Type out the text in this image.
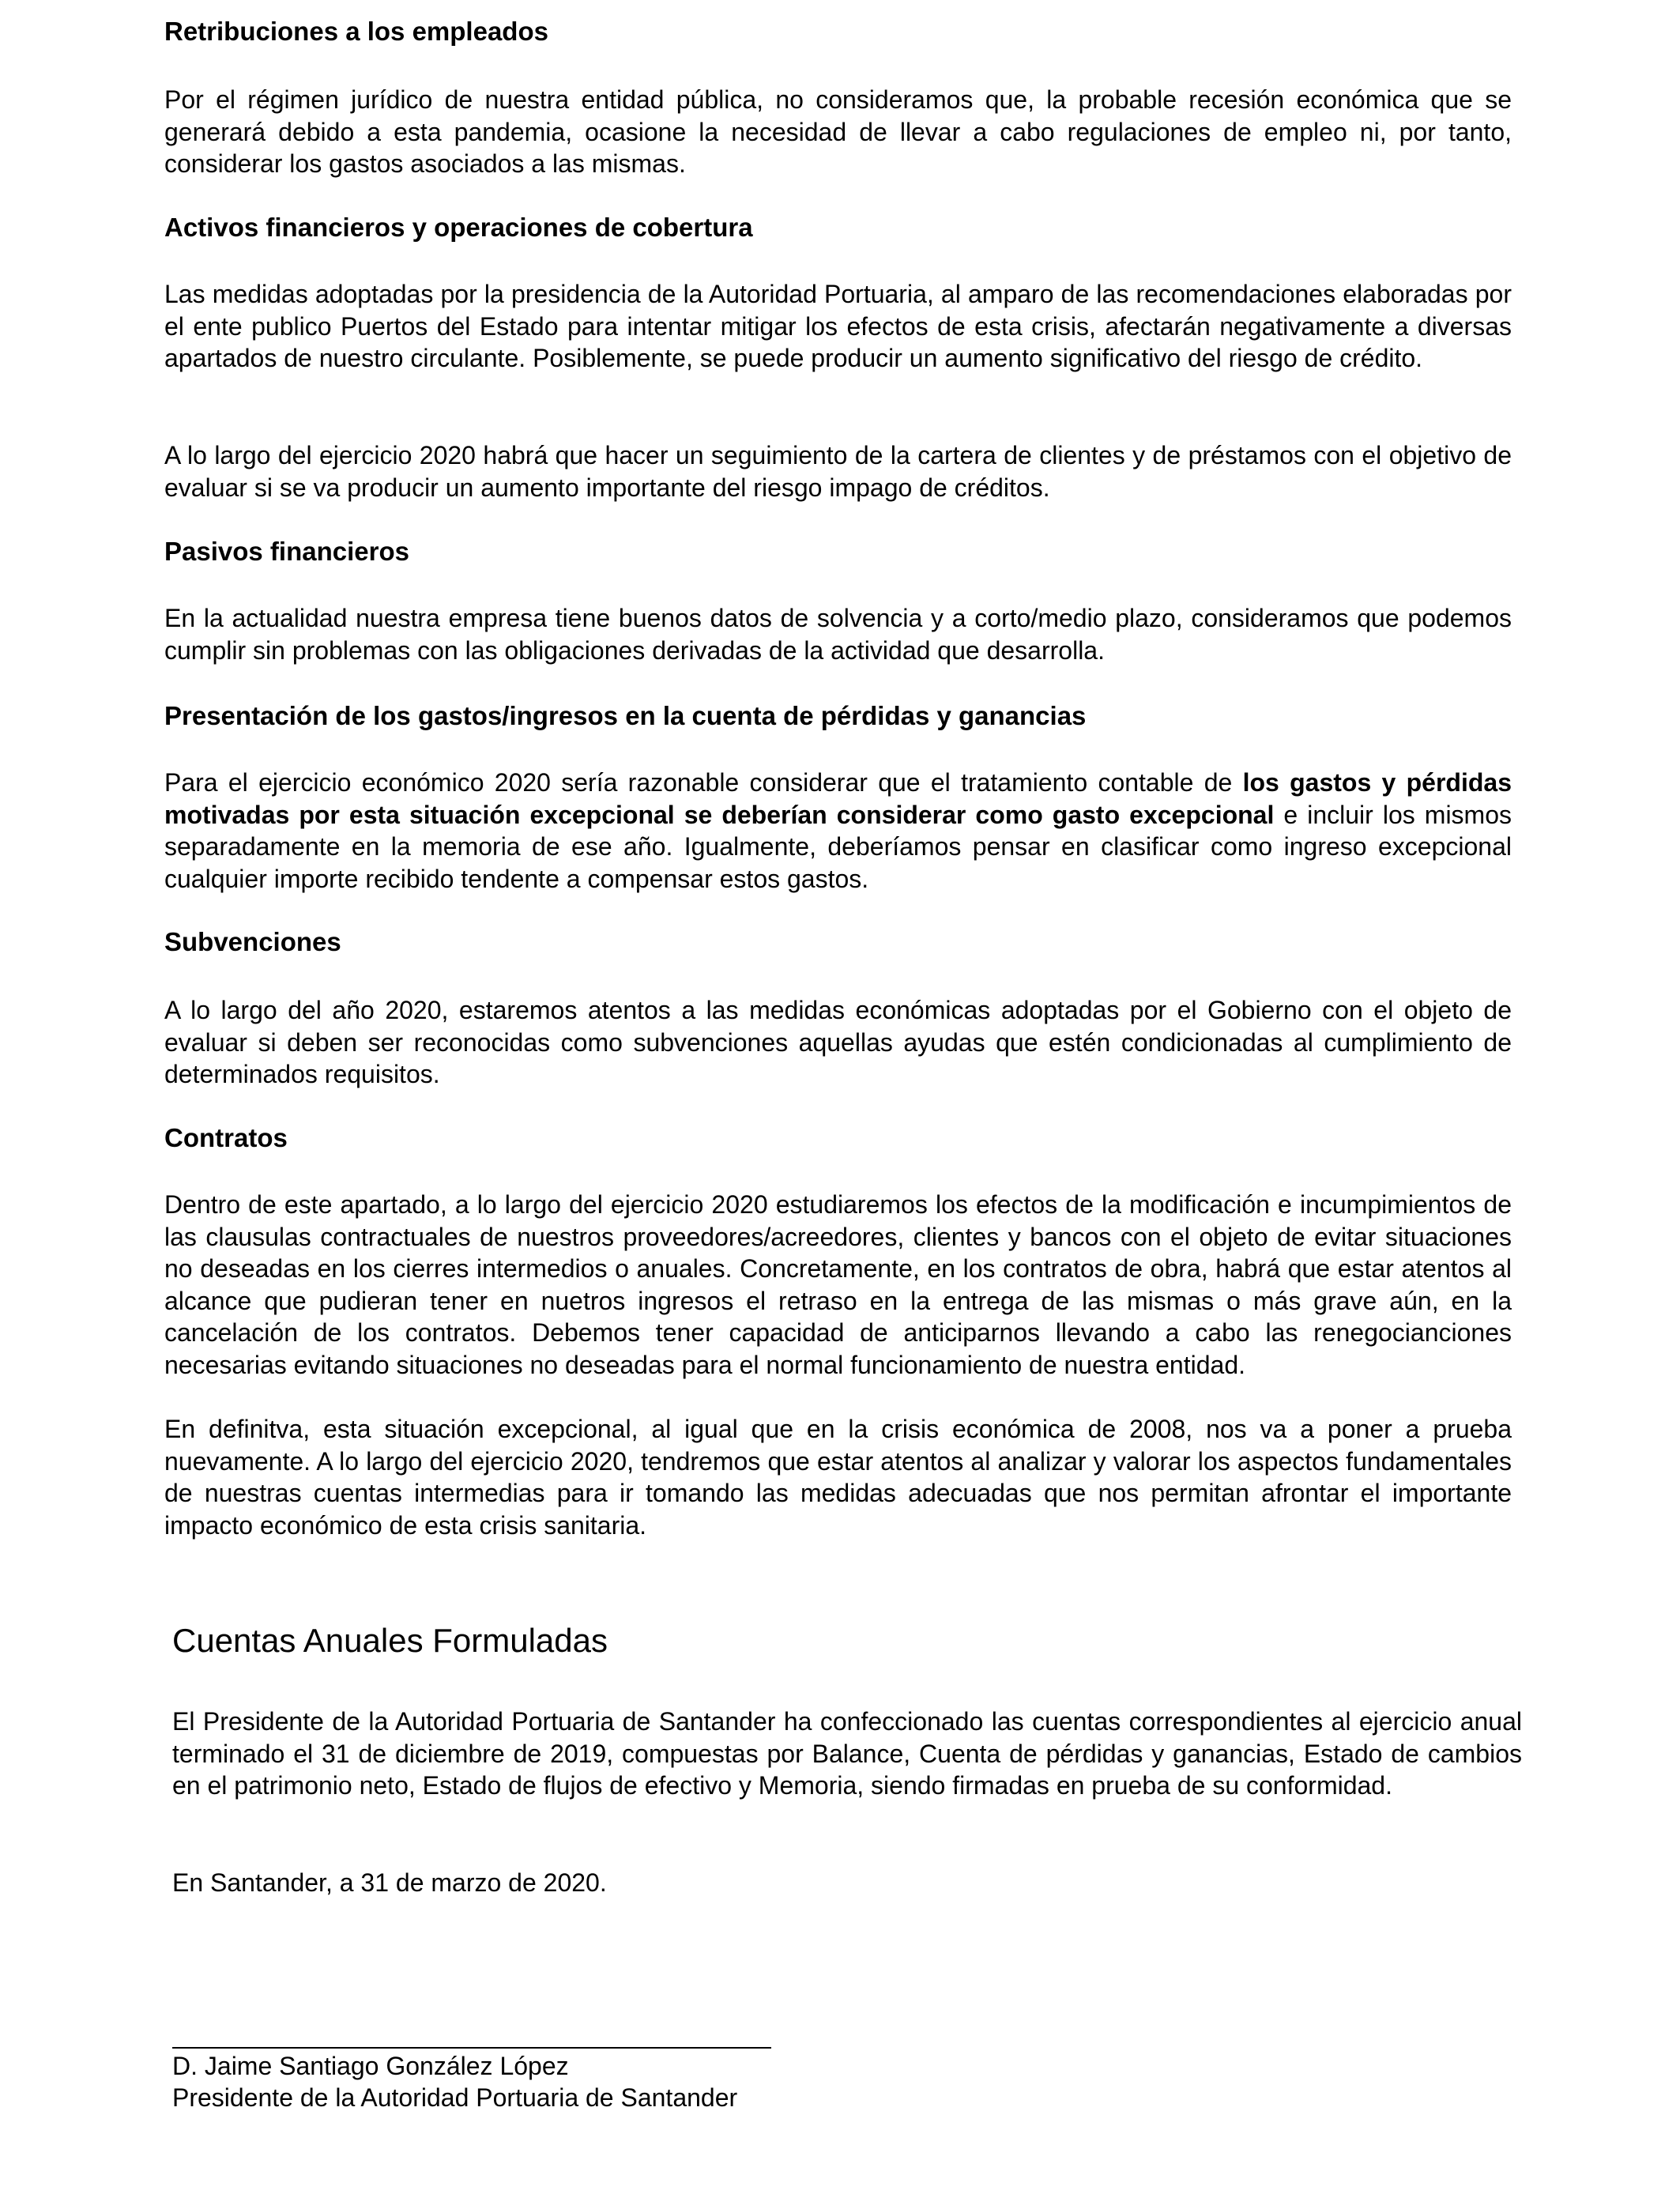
Retribuciones a los empleados

Por el régimen jurídico de nuestra entidad pública, no consideramos que, la probable recesión económica que se generará debido a esta pandemia, ocasione la necesidad de llevar a cabo regulaciones de empleo ni, por tanto, considerar los gastos asociados a las mismas.

Activos financieros y operaciones de cobertura

Las medidas adoptadas por la presidencia de la Autoridad Portuaria, al amparo de las recomendaciones elaboradas por el ente publico Puertos del Estado para intentar mitigar los efectos de esta crisis, afectarán negativamente a diversas apartados de nuestro circulante. Posiblemente, se puede producir un aumento significativo del riesgo de crédito.

A lo largo del ejercicio 2020 habrá que hacer un seguimiento de la cartera de clientes y de préstamos con el objetivo de evaluar si se va producir un aumento importante del riesgo impago de créditos.

Pasivos financieros

En la actualidad nuestra empresa tiene buenos datos de solvencia y a corto/medio plazo, consideramos que podemos cumplir sin problemas con las obligaciones derivadas de la actividad que desarrolla.

Presentación de los gastos/ingresos en la cuenta de pérdidas y ganancias

Para el ejercicio económico 2020 sería razonable considerar que el tratamiento contable de los gastos y pérdidas motivadas por esta situación excepcional se deberían considerar como gasto excepcional e incluir los mismos separadamente en la memoria de ese año. Igualmente, deberíamos pensar en clasificar como ingreso excepcional cualquier importe recibido tendente a compensar estos gastos.

Subvenciones

A lo largo del año 2020, estaremos atentos a las medidas económicas adoptadas por el Gobierno con el objeto de evaluar si deben ser reconocidas como subvenciones aquellas ayudas que estén condicionadas al cumplimiento de determinados requisitos.

Contratos

Dentro de este apartado, a lo largo del ejercicio 2020 estudiaremos los efectos de la modificación e incumpimientos de las clausulas contractuales de nuestros proveedores/acreedores, clientes y bancos con el objeto de evitar situaciones no deseadas en los cierres intermedios o anuales. Concretamente, en los contratos de obra, habrá que estar atentos al alcance que pudieran tener en nuetros ingresos el retraso en la entrega de las mismas o más grave aún, en la cancelación de los contratos. Debemos tener capacidad de anticiparnos llevando a cabo las renegocianciones necesarias evitando situaciones no deseadas para el normal funcionamiento de nuestra entidad.

En definitva, esta situación excepcional, al igual que en la crisis económica de 2008, nos va a poner a prueba nuevamente. A lo largo del ejercicio 2020, tendremos que estar atentos al analizar y valorar los aspectos fundamentales de nuestras cuentas intermedias para ir tomando las medidas adecuadas que nos permitan afrontar el importante impacto económico de esta crisis sanitaria.

Cuentas Anuales Formuladas

El Presidente de la Autoridad Portuaria de Santander ha confeccionado las cuentas correspondientes al ejercicio anual terminado el 31 de diciembre de 2019, compuestas por Balance, Cuenta de pérdidas y ganancias, Estado de cambios en el patrimonio neto, Estado de flujos de efectivo y Memoria, siendo firmadas en prueba de su conformidad.

En Santander, a 31 de marzo de 2020.

D. Jaime Santiago González López

Presidente de la Autoridad Portuaria de Santander
